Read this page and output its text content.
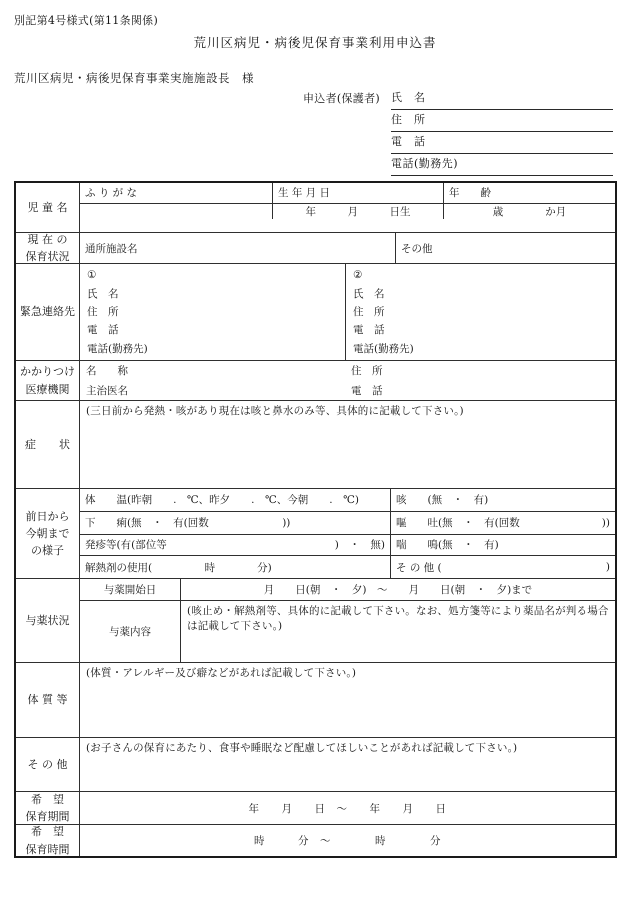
別記第4号様式(第11条関係)
荒川区病児・病後児保育事業利用申込書
荒川区病児・病後児保育事業実施施設長　様
申込者(保護者)	氏　名
住　所
電　話
電話(勤務先)
児 童 名
ふ り が な	生 年 月 日	年　　齢
年　　　月　　　日生	歳　　　　か月
現 在 の
保育状況
通所施設名	その他
緊急連絡先
①
氏　名
住　所
電　話
電話(勤務先)
②
氏　名
住　所
電　話
電話(勤務先)
かかりつけ
医療機関
名　　称	住　所
主治医名	電　話
症 状
(三日前から発熱・咳があり現在は咳と鼻水のみ等、具体的に記載して下さい。)
前日から
今朝まで
の様子
体　　温(昨朝　　.　℃、昨夕　　.　℃、今朝　　.　℃)	咳　　(無　・　有)
下　　痢(無　・　有(回数　　　　　　　))	嘔　　吐(無　・　有(回数	))
発疹等(有(部位等	)　・　無)	喘　　鳴(無　・　有)
解熱剤の使用(　　　　　時　　　　分)	そ の 他 (	)
与薬状況
与薬開始日	月　　日(朝　・　夕)　～　　月　　日(朝　・　夕)まで
与薬内容
(咳止め・解熱剤等、具体的に記載して下さい。なお、処方箋等により薬品名が判る場合は記載して下さい。)
体 質 等
(体質・アレルギー及び癖などがあれば記載して下さい。)
そ の 他
(お子さんの保育にあたり、食事や睡眠など配慮してほしいことがあれば記載して下さい。)
希　望
保育期間
年　　月　　日　～　　年　　月　　日
希　望
保育時間
時　　　分　～　　　　時　　　　分
